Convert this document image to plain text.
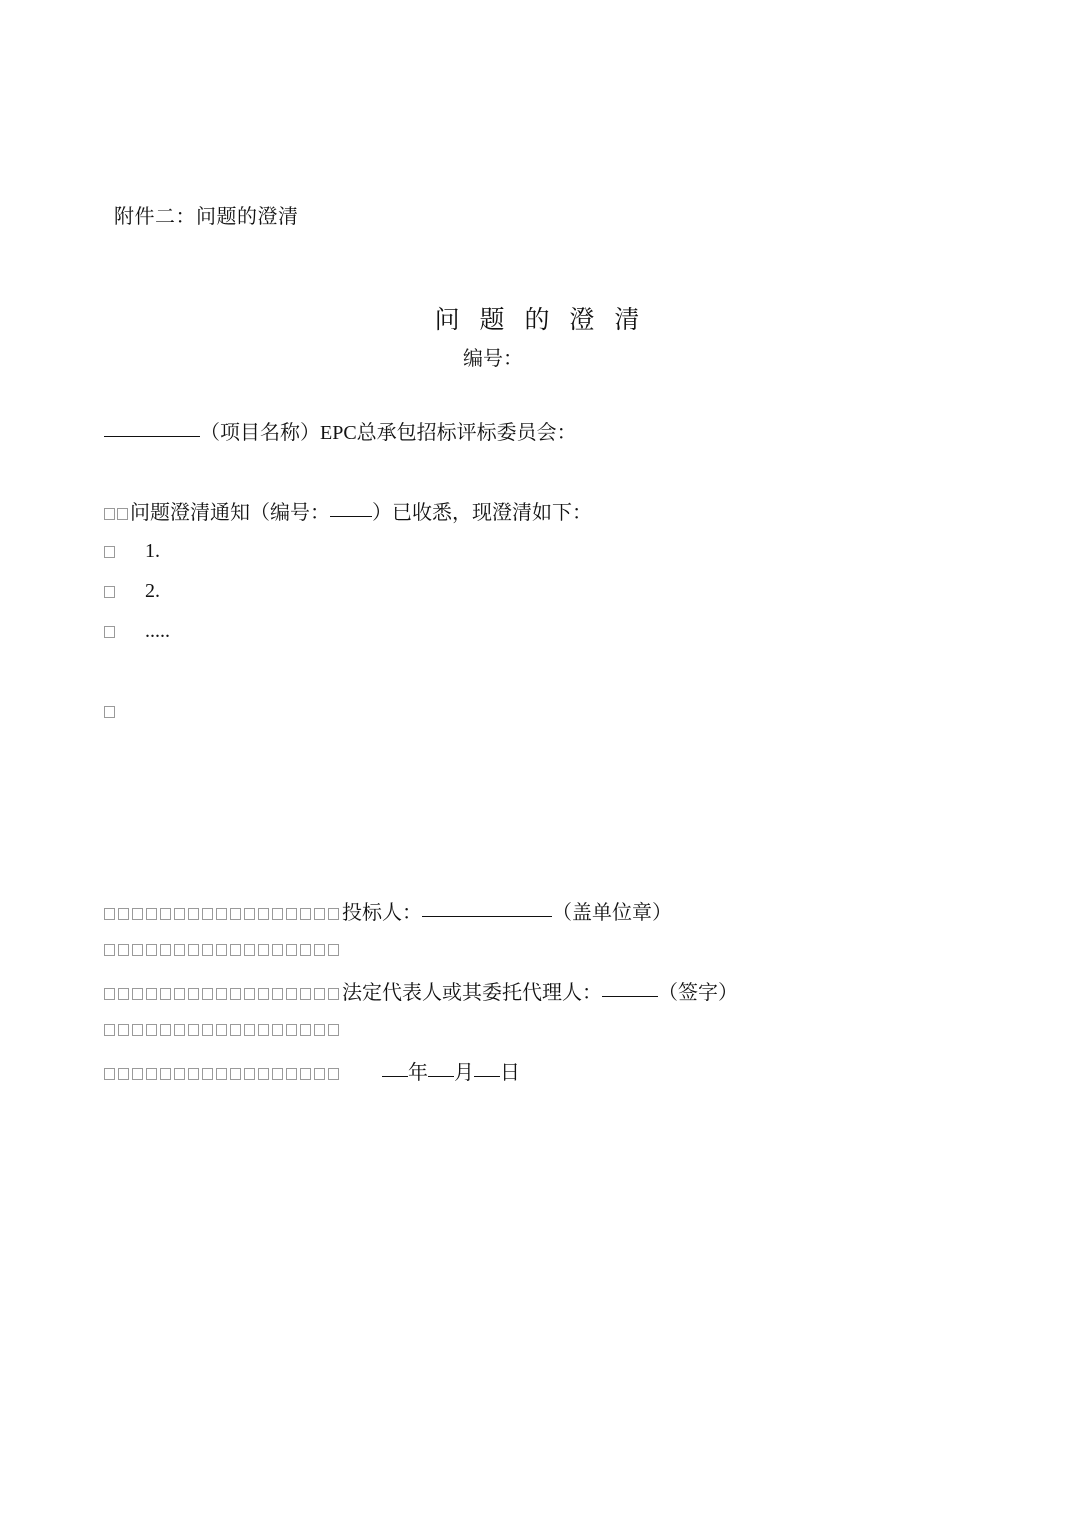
附件二：问题的澄清
问 题 的 澄 清
编号：
（项目名称）EPC总承包招标评标委员会：
问题澄清通知（编号： ）已收悉，现澄清如下：
1.
2.
.....
投标人：	（盖单位章）
法定代表人或其委托代理人：	（签字）
年 月 日
